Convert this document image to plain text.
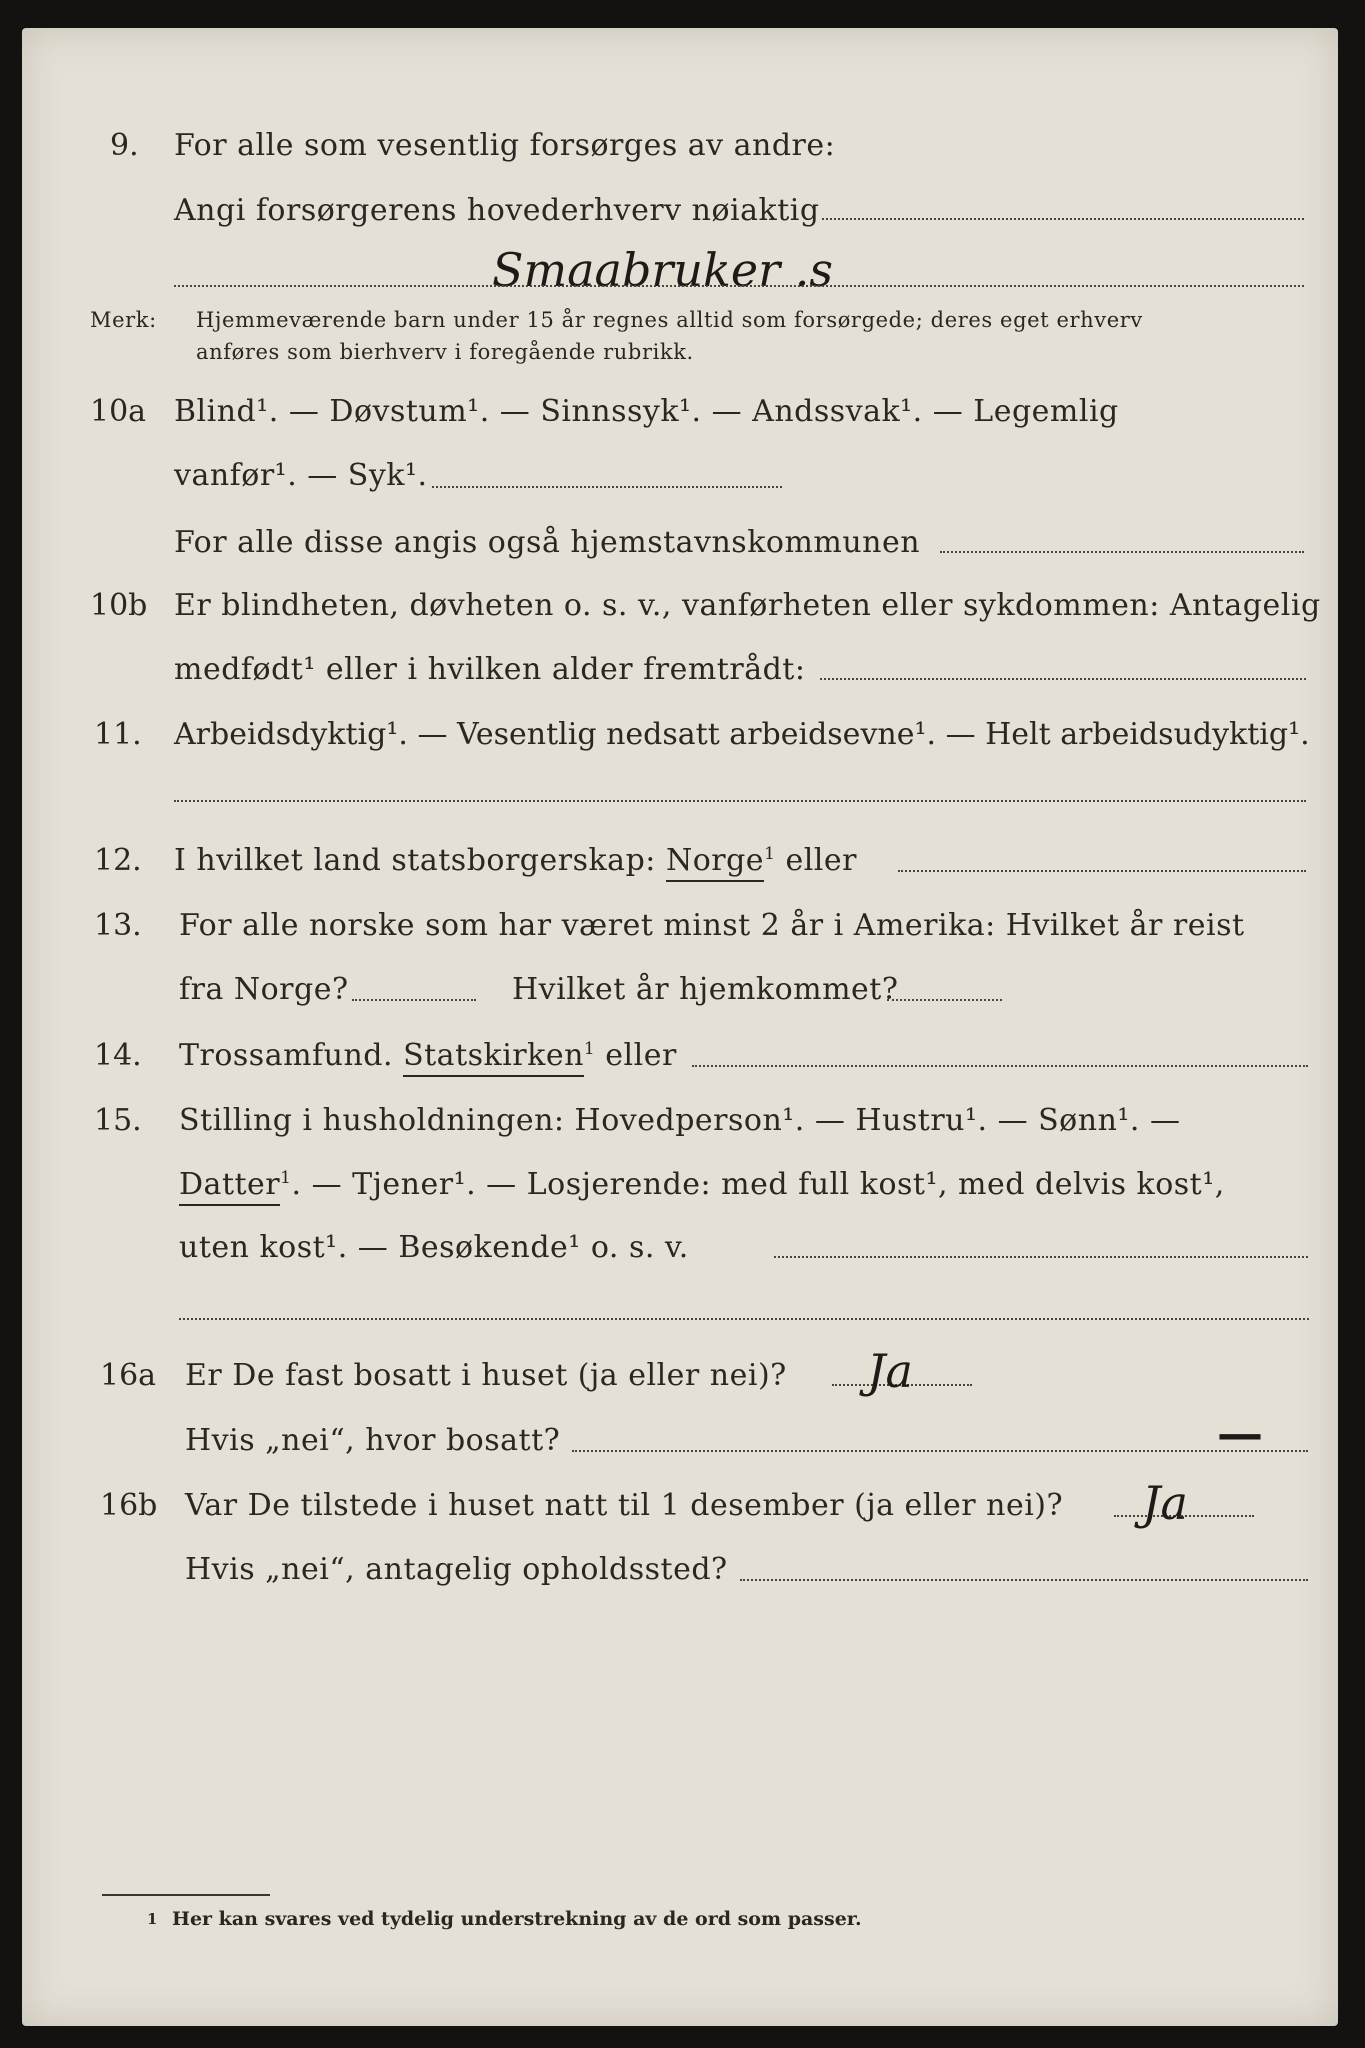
9. For alle som vesentlig forsørges av andre:
Angi forsørgerens hovederhverv nøiaktig
Smaabruker .s
Merk: Hjemmeværende barn under 15 år regnes alltid som forsørgede; deres eget erhverv
anføres som bierhverv i foregående rubrikk.
10a Blind¹. — Døvstum¹. — Sinnssyk¹. — Andssvak¹. — Legemlig
vanfør¹. — Syk¹.
For alle disse angis også hjemstavnskommunen
10b Er blindheten, døvheten o. s. v., vanførheten eller sykdommen: Antagelig
medfødt¹ eller i hvilken alder fremtrådt:
11. Arbeidsdyktig¹. — Vesentlig nedsatt arbeidsevne¹. — Helt arbeidsudyktig¹.
12. I hvilket land statsborgerskap: Norge$^1$ eller
13. For alle norske som har været minst 2 år i Amerika: Hvilket år reist
fra Norge?	Hvilket år hjemkommet?
14. Trossamfund. Statskirken$^1$ eller
15. Stilling i husholdningen: Hovedperson¹. — Hustru¹. — Sønn¹. —
Datter$^1$. — Tjener¹. — Losjerende: med full kost¹, med delvis kost¹,
uten kost¹. — Besøkende¹ o. s. v.
16a Er De fast bosatt i huset (ja eller nei)? Ja
Hvis „nei“, hvor bosatt?	—
16b Var De tilstede i huset natt til 1 desember (ja eller nei)? Ja
Hvis „nei“, antagelig opholdssted?
1 Her kan svares ved tydelig understrekning av de ord som passer.
